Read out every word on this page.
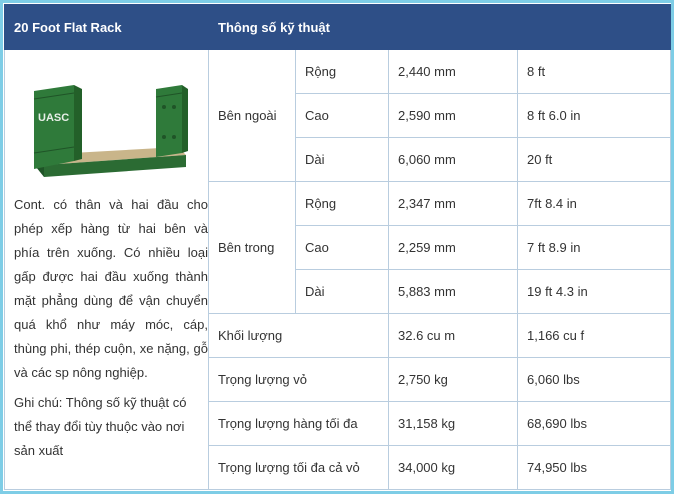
20 Foot Flat Rack	Thông số kỹ thuật			

UASC
Cont. có thân và hai đầu cho phép xếp hàng từ hai bên và phía trên xuống. Có nhiều loại gấp được hai đầu xuống thành mặt phẳng dùng để vận chuyển quá khổ như máy móc, cáp, thùng phi, thép cuộn, xe nặng, gỗ và các sp nông nghiệp.
Ghi chú: Thông số kỹ thuật có thể thay đổi tùy thuộc vào nơi sản xuất	Bên ngoài	Rộng	2,440 mm	8 ft
		Cao	2,590 mm	8 ft 6.0 in
		Dài	6,060 mm	20 ft
	Bên trong	Rộng	2,347 mm	7ft 8.4 in
		Cao	2,259 mm	7 ft 8.9 in
		Dài	5,883 mm	19 ft 4.3 in
	Khối lượng		32.6 cu m	1,166 cu f
	Trọng lượng vỏ		2,750 kg	6,060 lbs
	Trọng lượng hàng tối đa		31,158 kg	68,690 lbs
	Trọng lượng tối đa cả vỏ		34,000 kg	74,950 lbs
